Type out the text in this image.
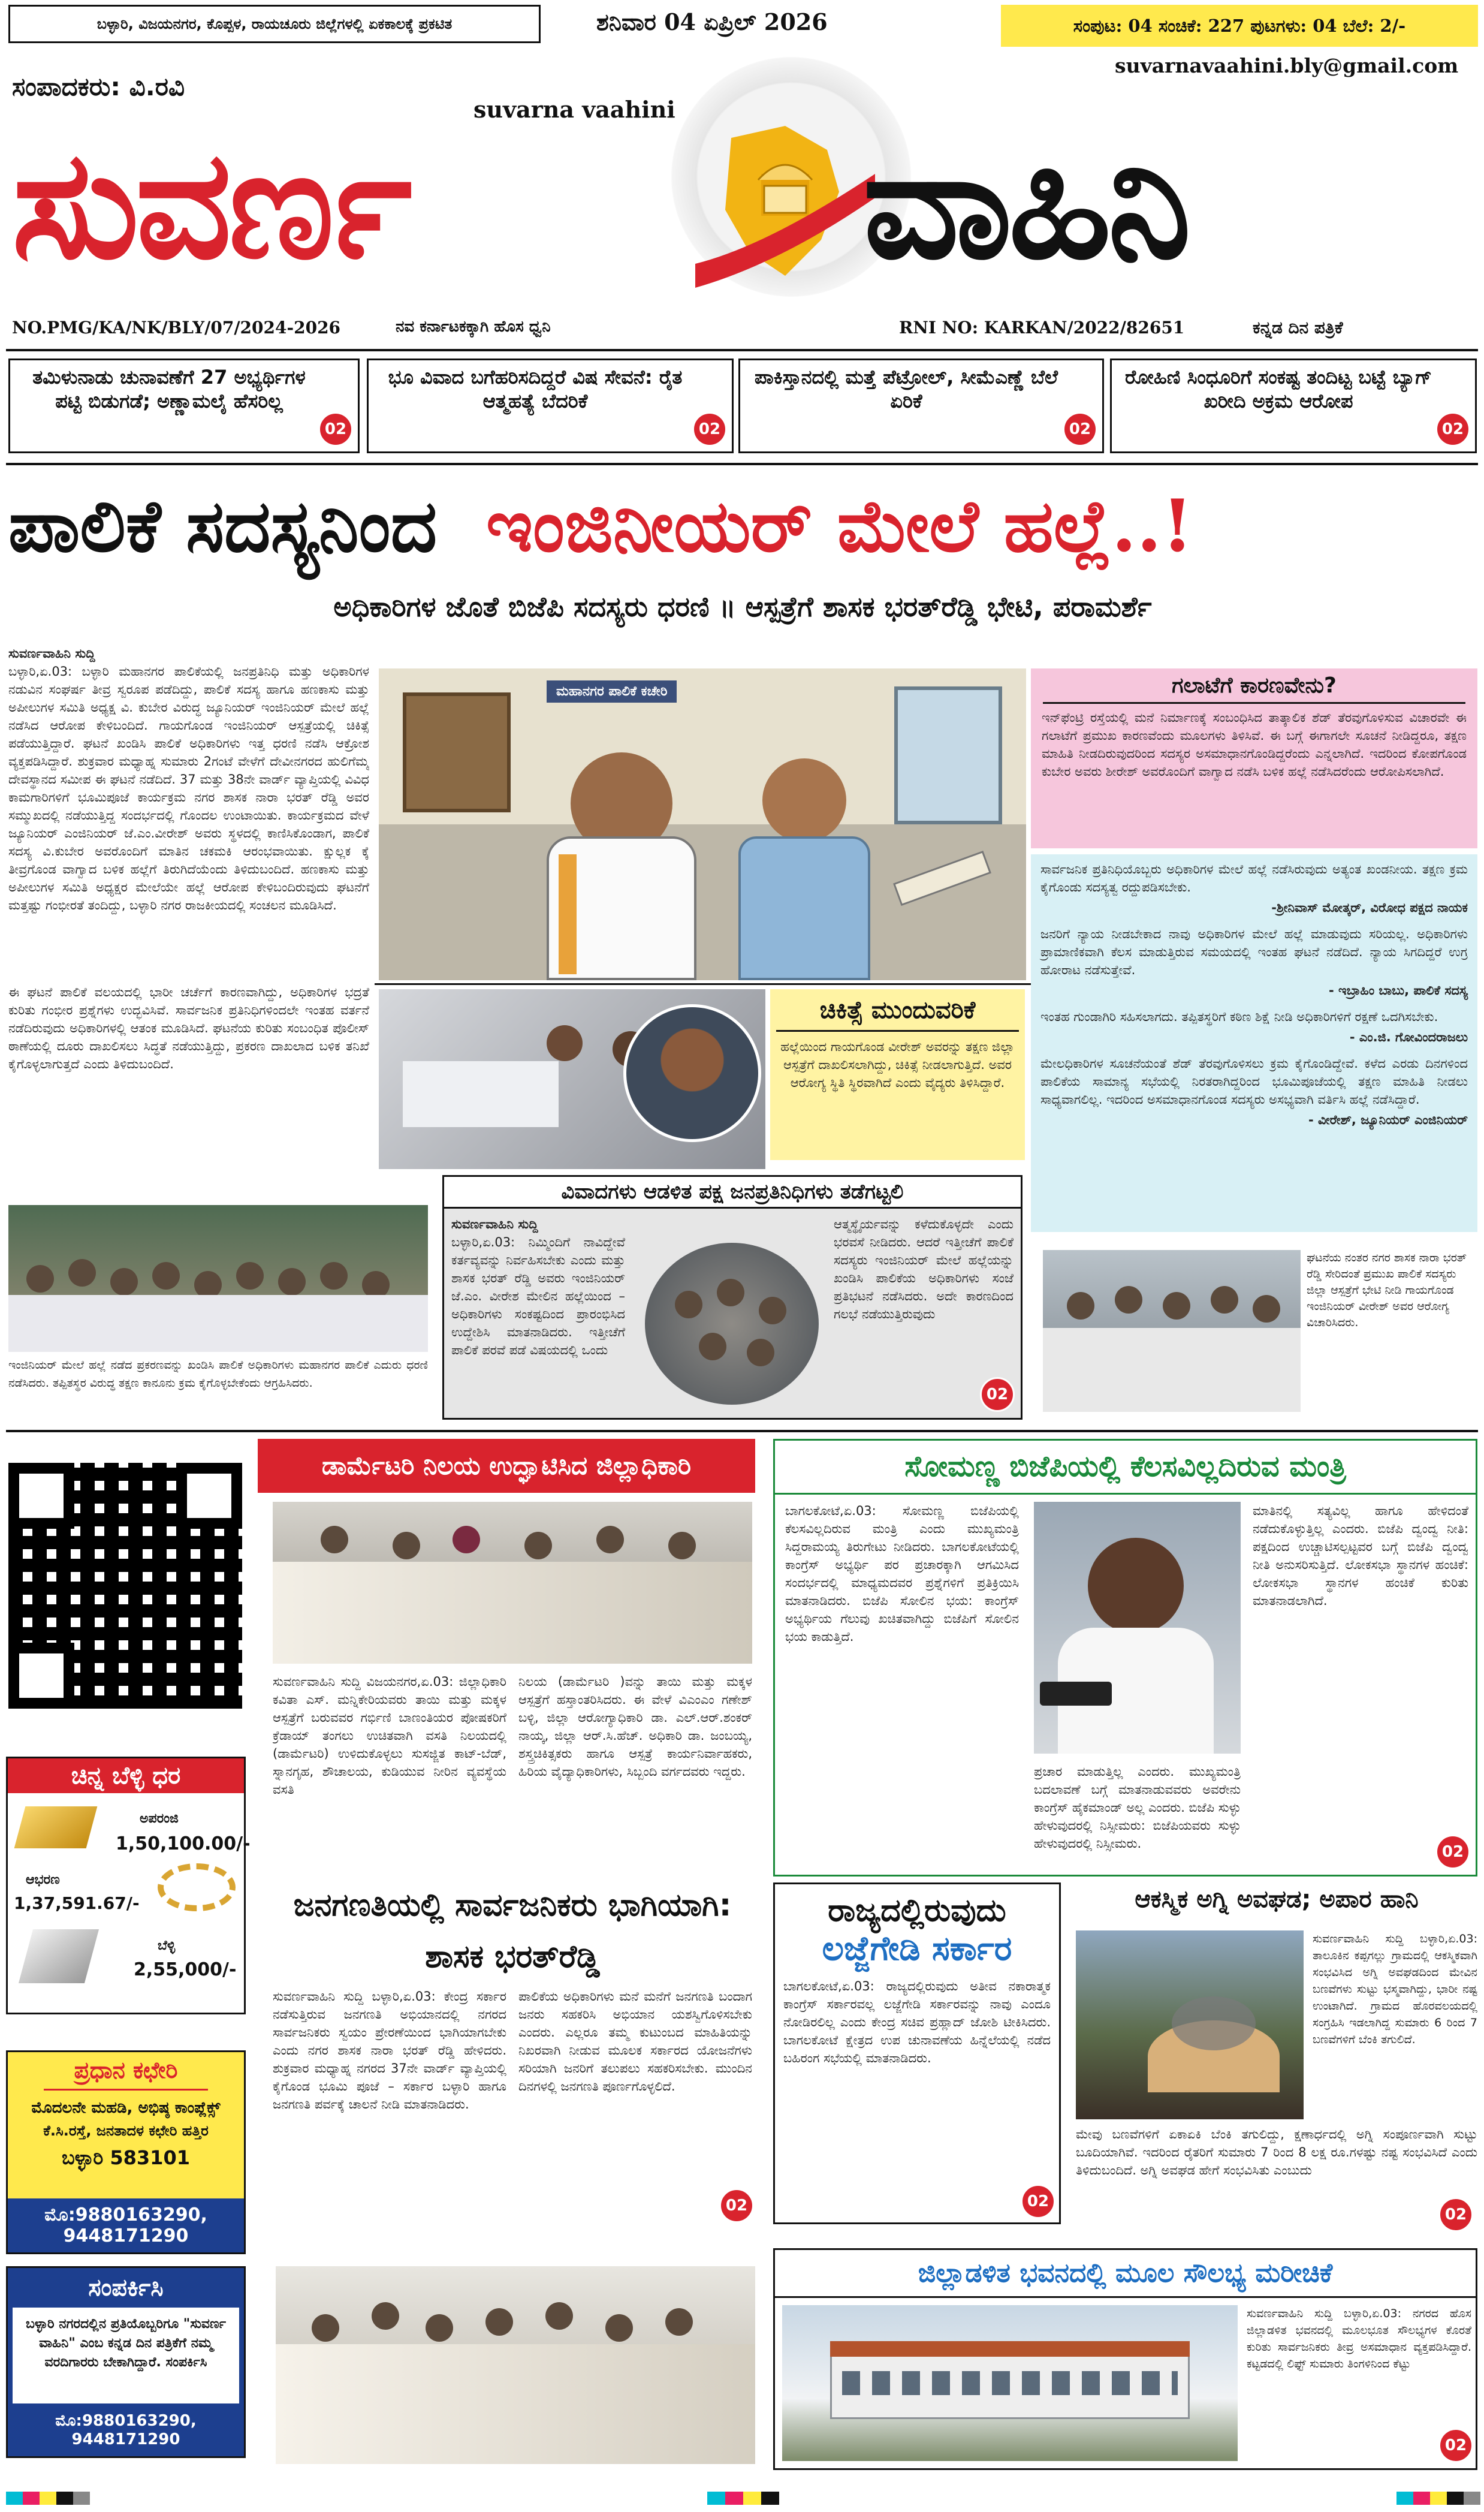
ಬಳ್ಳಾರಿ, ವಿಜಯನಗರ, ಕೊಪ್ಪಳ, ರಾಯಚೂರು ಜಿಲ್ಲೆಗಳಲ್ಲಿ ಏಕಕಾಲಕ್ಕೆ ಪ್ರಕಟಿತ	ಶನಿವಾರ 04 ಏಪ್ರಿಲ್ 2026	ಸಂಪುಟ: 04 ಸಂಚಿಕೆ: 227 ಪುಟಗಳು: 04 ಬೆಲೆ: 2/-
suvarnavaahini.bly@gmail.com
ಸಂಪಾದಕರು: ವಿ.ರವಿ
suvarna vaahini
ಸುವರ್ಣ	ವಾಹಿನಿ
NO.PMG/KA/NK/BLY/07/2024-2026	ನವ ಕರ್ನಾಟಕಕ್ಕಾಗಿ ಹೊಸ ಧ್ವನಿ	RNI NO: KARKAN/2022/82651	ಕನ್ನಡ ದಿನ ಪತ್ರಿಕೆ
ತಮಿಳುನಾಡು ಚುನಾವಣೆಗೆ 27 ಅಭ್ಯರ್ಥಿಗಳ ಪಟ್ಟಿ ಬಿಡುಗಡೆ; ಅಣ್ಣಾಮಲೈ ಹೆಸರಿಲ್ಲ
02
ಭೂ ವಿವಾದ ಬಗೆಹರಿಸದಿದ್ದರೆ ವಿಷ ಸೇವನೆ: ರೈತ ಆತ್ಮಹತ್ಯೆ ಬೆದರಿಕೆ
02
ಪಾಕಿಸ್ತಾನದಲ್ಲಿ ಮತ್ತೆ ಪೆಟ್ರೋಲ್, ಸೀಮೆಎಣ್ಣೆ ಬೆಲೆ ಏರಿಕೆ
02
ರೋಹಿಣಿ ಸಿಂಧೂರಿಗೆ ಸಂಕಷ್ಟ ತಂದಿಟ್ಟ ಬಟ್ಟೆ ಬ್ಯಾಗ್ ಖರೀದಿ ಅಕ್ರಮ ಆರೋಪ
02
ಪಾಲಿಕೆ ಸದಸ್ಯನಿಂದ ಇಂಜಿನೀಯರ್ ಮೇಲೆ ಹಲ್ಲೆ..!
ಅಧಿಕಾರಿಗಳ ಜೊತೆ ಬಿಜೆಪಿ ಸದಸ್ಯರು ಧರಣಿ ॥ ಆಸ್ಪತ್ರೆಗೆ ಶಾಸಕ ಭರತ್‌ರೆಡ್ಡಿ ಭೇಟಿ, ಪರಾಮರ್ಶೆ
ಸುವರ್ಣವಾಹಿನಿ ಸುದ್ದಿ
ಬಳ್ಳಾರಿ,ಏ.03: ಬಳ್ಳಾರಿ ಮಹಾನಗರ ಪಾಲಿಕೆಯಲ್ಲಿ ಜನಪ್ರತಿನಿಧಿ ಮತ್ತು ಅಧಿಕಾರಿಗಳ ನಡುವಿನ ಸಂಘರ್ಷ ತೀವ್ರ ಸ್ವರೂಪ ಪಡೆದಿದ್ದು, ಪಾಲಿಕೆ ಸದಸ್ಯ ಹಾಗೂ ಹಣಕಾಸು ಮತ್ತು ಅಪೀಲುಗಳ ಸಮಿತಿ ಅಧ್ಯಕ್ಷ ವಿ. ಕುಬೇರ ವಿರುದ್ಧ ಜ್ಯೂನಿಯರ್ ಇಂಜಿನಿಯರ್ ಮೇಲೆ ಹಲ್ಲೆ ನಡೆಸಿದ ಆರೋಪ ಕೇಳಿಬಂದಿದೆ. ಗಾಯಗೊಂಡ ಇಂಜಿನಿಯರ್ ಆಸ್ಪತ್ರೆಯಲ್ಲಿ ಚಿಕಿತ್ಸೆ ಪಡೆಯುತ್ತಿದ್ದಾರೆ. ಘಟನೆ ಖಂಡಿಸಿ ಪಾಲಿಕೆ ಅಧಿಕಾರಿಗಳು ಇತ್ತ ಧರಣಿ ನಡೆಸಿ ಆಕ್ರೋಶ ವ್ಯಕ್ತಪಡಿಸಿದ್ದಾರೆ. ಶುಕ್ರವಾರ ಮಧ್ಯಾಹ್ನ ಸುಮಾರು 2ಗಂಟೆ ವೇಳೆಗೆ ದೇವೀನಗರದ ಹುಲಿಗೆಮ್ಮ ದೇವಸ್ಥಾನದ ಸಮೀಪ ಈ ಘಟನೆ ನಡೆದಿದೆ. 37 ಮತ್ತು 38ನೇ ವಾರ್ಡ್ ವ್ಯಾಪ್ತಿಯಲ್ಲಿ ವಿವಿಧ ಕಾಮಗಾರಿಗಳಿಗೆ ಭೂಮಿಪೂಜೆ ಕಾರ್ಯಕ್ರಮ ನಗರ ಶಾಸಕ ನಾರಾ ಭರತ್ ರೆಡ್ಡಿ ಅವರ ಸಮ್ಮುಖದಲ್ಲಿ ನಡೆಯುತ್ತಿದ್ದ ಸಂದರ್ಭದಲ್ಲಿ ಗೊಂದಲ ಉಂಟಾಯಿತು. ಕಾರ್ಯಕ್ರಮದ ವೇಳೆ ಜ್ಯೂನಿಯರ್ ಎಂಜಿನಿಯರ್ ಜೆ.ಎಂ.ವೀರೇಶ್ ಅವರು ಸ್ಥಳದಲ್ಲಿ ಕಾಣಿಸಿಕೊಂಡಾಗ, ಪಾಲಿಕೆ ಸದಸ್ಯ ವಿ.ಕುಬೇರ ಅವರೊಂದಿಗೆ ಮಾತಿನ ಚಕಮಕಿ ಆರಂಭವಾಯಿತು. ಕ್ಷುಲ್ಲಕ ಕ್ಕೆ ತೀವ್ರಗೊಂಡ ವಾಗ್ವಾದ ಬಳಿಕ ಹಲ್ಲೆಗೆ ತಿರುಗಿದೆಯೆಂದು ತಿಳಿದುಬಂದಿದೆ. ಹಣಕಾಸು ಮತ್ತು ಅಪೀಲುಗಳ ಸಮಿತಿ ಅಧ್ಯಕ್ಷರ ಮೇಲೆಯೇ ಹಲ್ಲೆ ಆರೋಪ ಕೇಳಿಬಂದಿರುವುದು ಘಟನೆಗೆ ಮತ್ತಷ್ಟು ಗಂಭೀರತೆ ತಂದಿದ್ದು, ಬಳ್ಳಾರಿ ನಗರ ರಾಜಕೀಯದಲ್ಲಿ ಸಂಚಲನ ಮೂಡಿಸಿದೆ.
ಮಹಾನಗರ ಪಾಲಿಕೆ ಕಚೇರಿ
ಚಿಕಿತ್ಸೆ ಮುಂದುವರಿಕೆ
ಹಲ್ಲೆಯಿಂದ ಗಾಯಗೊಂಡ ವೀರೇಶ್ ಅವರನ್ನು ತಕ್ಷಣ ಜಿಲ್ಲಾ ಆಸ್ಪತ್ರೆಗೆ ದಾಖಲಿಸಲಾಗಿದ್ದು, ಚಿಕಿತ್ಸೆ ನೀಡಲಾಗುತ್ತಿದೆ. ಅವರ ಆರೋಗ್ಯ ಸ್ಥಿತಿ ಸ್ಥಿರವಾಗಿದೆ ಎಂದು ವೈದ್ಯರು ತಿಳಿಸಿದ್ದಾರೆ.
ಈ ಘಟನೆ ಪಾಲಿಕೆ ವಲಯದಲ್ಲಿ ಭಾರೀ ಚರ್ಚೆಗೆ ಕಾರಣವಾಗಿದ್ದು, ಅಧಿಕಾರಿಗಳ ಭದ್ರತೆ ಕುರಿತು ಗಂಭೀರ ಪ್ರಶ್ನೆಗಳು ಉದ್ಭವಿಸಿವೆ. ಸಾರ್ವಜನಿಕ ಪ್ರತಿನಿಧಿಗಳಿಂದಲೇ ಇಂತಹ ವರ್ತನೆ ನಡೆದಿರುವುದು ಅಧಿಕಾರಿಗಳಲ್ಲಿ ಆತಂಕ ಮೂಡಿಸಿದೆ. ಘಟನೆಯ ಕುರಿತು ಸಂಬಂಧಿತ ಪೊಲೀಸ್ ಠಾಣೆಯಲ್ಲಿ ದೂರು ದಾಖಲಿಸಲು ಸಿದ್ಧತೆ ನಡೆಯುತ್ತಿದ್ದು, ಪ್ರಕರಣ ದಾಖಲಾದ ಬಳಿಕ ತನಿಖೆ ಕೈಗೊಳ್ಳಲಾಗುತ್ತದೆ ಎಂದು ತಿಳಿದುಬಂದಿದೆ.
ಇಂಜಿನಿಯರ್ ಮೇಲೆ ಹಲ್ಲೆ ನಡೆದ ಪ್ರಕರಣವನ್ನು ಖಂಡಿಸಿ ಪಾಲಿಕೆ ಅಧಿಕಾರಿಗಳು ಮಹಾನಗರ ಪಾಲಿಕೆ ಎದುರು ಧರಣಿ ನಡೆಸಿದರು. ತಪ್ಪಿತಸ್ಥರ ವಿರುದ್ಧ ತಕ್ಷಣ ಕಾನೂನು ಕ್ರಮ ಕೈಗೊಳ್ಳಬೇಕೆಂದು ಆಗ್ರಹಿಸಿದರು.
ವಿವಾದಗಳು ಆಡಳಿತ ಪಕ್ಷ ಜನಪ್ರತಿನಿಧಿಗಳು ತಡೆಗಟ್ಟಲಿ
ಸುವರ್ಣವಾಹಿನಿ ಸುದ್ದಿ
ಬಳ್ಳಾರಿ,ಏ.03: ನಿಮ್ಮಿಂದಿಗೆ ನಾವಿದ್ದೇವೆ ಕರ್ತವ್ಯವನ್ನು ನಿರ್ವಹಿಸಬೇಕು ಎಂದು ಮತ್ತು ಶಾಸಕ ಭರತ್ ರೆಡ್ಡಿ ಅವರು ಇಂಜಿನಿಯರ್ ಜೆ.ಎಂ. ವೀರೇಶ ಮೇಲಿನ ಹಲ್ಲೆಯಿಂದ – ಅಧಿಕಾರಿಗಳು ಸಂಕಷ್ಟದಿಂದ ಪ್ರಾರಂಭಿಸಿದ ಉದ್ದೇಶಿಸಿ ಮಾತನಾಡಿದರು. ಇತ್ತೀಚೆಗೆ ಪಾಲಿಕೆ ಪರವೆ ಪಡೆ ವಿಷಯದಲ್ಲಿ ಒಂದು
ಆತ್ಮಸ್ಥೈರ್ಯವನ್ನು ಕಳೆದುಕೊಳ್ಳದೇ ಎಂದು ಭರವಸೆ ನೀಡಿದರು. ಆದರೆ ಇತ್ತೀಚೆಗೆ ಪಾಲಿಕೆ ಸದಸ್ಯರು ಇಂಜಿನಿಯರ್ ಮೇಲೆ ಹಲ್ಲೆಯನ್ನು ಖಂಡಿಸಿ ಪಾಲಿಕೆಯ ಅಧಿಕಾರಿಗಳು ಸಂಜೆ ಪ್ರತಿಭಟನೆ ನಡೆಸಿದರು. ಅದೇ ಕಾರಣದಿಂದ ಗಲಭೆ ನಡೆಯುತ್ತಿರುವುದು
02
ಗಲಾಟೆಗೆ ಕಾರಣವೇನು?
ಇನ್‌ಫೆಂಟ್ರಿ ರಸ್ತೆಯಲ್ಲಿ ಮನೆ ನಿರ್ಮಾಣಕ್ಕೆ ಸಂಬಂಧಿಸಿದ ತಾತ್ಕಾಲಿಕ ಶೆಡ್ ತೆರವುಗೊಳಿಸುವ ವಿಚಾರವೇ ಈ ಗಲಾಟೆಗೆ ಪ್ರಮುಖ ಕಾರಣವೆಂದು ಮೂಲಗಳು ತಿಳಿಸಿವೆ. ಈ ಬಗ್ಗೆ ಈಗಾಗಲೇ ಸೂಚನೆ ನೀಡಿದ್ದರೂ, ತಕ್ಷಣ ಮಾಹಿತಿ ನೀಡದಿರುವುದರಿಂದ ಸದಸ್ಯರ ಅಸಮಾಧಾನಗೊಂಡಿದ್ದರೆಂದು ಎನ್ನಲಾಗಿದೆ. ಇದರಿಂದ ಕೋಪಗೊಂಡ ಕುಬೇರ ಅವರು ಶೀರೇಶ್ ಅವರೊಂದಿಗೆ ವಾಗ್ವಾದ ನಡೆಸಿ ಬಳಿಕ ಹಲ್ಲೆ ನಡೆಸಿದರೆಂದು ಆರೋಪಿಸಲಾಗಿದೆ.
ಸಾರ್ವಜನಿಕ ಪ್ರತಿನಿಧಿಯೊಬ್ಬರು ಅಧಿಕಾರಿಗಳ ಮೇಲೆ ಹಲ್ಲೆ ನಡೆಸಿರುವುದು ಅತ್ಯಂತ ಖಂಡನೀಯ. ತಕ್ಷಣ ಕ್ರಮ ಕೈಗೊಂಡು ಸದಸ್ಯತ್ವ ರದ್ದುಪಡಿಸಬೇಕು.
-ಶ್ರೀನಿವಾಸ್ ಮೋತ್ಕರ್, ವಿರೋಧ ಪಕ್ಷದ ನಾಯಕ
ಜನರಿಗೆ ನ್ಯಾಯ ನೀಡಬೇಕಾದ ನಾವು ಅಧಿಕಾರಿಗಳ ಮೇಲೆ ಹಲ್ಲೆ ಮಾಡುವುದು ಸರಿಯಲ್ಲ. ಅಧಿಕಾರಿಗಳು ಪ್ರಾಮಾಣಿಕವಾಗಿ ಕೆಲಸ ಮಾಡುತ್ತಿರುವ ಸಮಯದಲ್ಲಿ ಇಂತಹ ಘಟನೆ ನಡೆದಿದೆ. ನ್ಯಾಯ ಸಿಗದಿದ್ದರೆ ಉಗ್ರ ಹೋರಾಟ ನಡೆಸುತ್ತೇವೆ.
- ಇಬ್ರಾಹಿಂ ಬಾಬು, ಪಾಲಿಕೆ ಸದಸ್ಯ
ಇಂತಹ ಗುಂಡಾಗಿರಿ ಸಹಿಸಲಾಗದು. ತಪ್ಪಿತಸ್ಥರಿಗೆ ಕಠಿಣ ಶಿಕ್ಷೆ ನೀಡಿ ಅಧಿಕಾರಿಗಳಿಗೆ ರಕ್ಷಣೆ ಒದಗಿಸಬೇಕು.
- ಎಂ.ಜಿ. ಗೋವಿಂದರಾಜಲು
ಮೇಲಧಿಕಾರಿಗಳ ಸೂಚನೆಯಂತೆ ಶೆಡ್ ತೆರವುಗೊಳಿಸಲು ಕ್ರಮ ಕೈಗೊಂಡಿದ್ದೇವೆ. ಕಳೆದ ಎರಡು ದಿನಗಳಿಂದ ಪಾಲಿಕೆಯ ಸಾಮಾನ್ಯ ಸಭೆಯಲ್ಲಿ ನಿರತರಾಗಿದ್ದರಿಂದ ಭೂಮಿಪೂಜೆಯಲ್ಲಿ ತಕ್ಷಣ ಮಾಹಿತಿ ನೀಡಲು ಸಾಧ್ಯವಾಗಲಿಲ್ಲ. ಇದರಿಂದ ಅಸಮಾಧಾನಗೊಂಡ ಸದಸ್ಯರು ಅಸಭ್ಯವಾಗಿ ವರ್ತಿಸಿ ಹಲ್ಲೆ ನಡೆಸಿದ್ದಾರೆ.
- ವೀರೇಶ್, ಜ್ಯೂನಿಯರ್ ಎಂಜಿನಿಯರ್
ಘಟನೆಯ ನಂತರ ನಗರ ಶಾಸಕ ನಾರಾ ಭರತ್ ರೆಡ್ಡಿ ಸೇರಿದಂತೆ ಪ್ರಮುಖ ಪಾಲಿಕೆ ಸದಸ್ಯರು ಜಿಲ್ಲಾ ಆಸ್ಪತ್ರೆಗೆ ಭೇಟಿ ನೀಡಿ ಗಾಯಗೊಂಡ ಇಂಜಿನಿಯರ್ ವೀರೇಶ್ ಅವರ ಆರೋಗ್ಯ ವಿಚಾರಿಸಿದರು.
ಚಿನ್ನ ಬೆಳ್ಳಿ ಧರ
ಅಪರಂಜಿ
1,50,100.00/-
ಆಭರಣ
1,37,591.67/-
ಬೆಳ್ಳಿ
2,55,000/-
ಪ್ರಧಾನ ಕಛೇರಿ
ಮೊದಲನೇ ಮಹಡಿ, ಅಭಿಷ್ಠ ಕಾಂಪ್ಲೆಕ್ಸ್
ಕೆ.ಸಿ.ರಸ್ತೆ, ಜನತಾದಳ ಕಛೇರಿ ಹತ್ತಿರ
ಬಳ್ಳಾರಿ 583101
ಮೊ:9880163290, 9448171290
ಸಂಪರ್ಕಿಸಿ
ಬಳ್ಳಾರಿ ನಗರದಲ್ಲಿನ ಪ್ರತಿಯೊಬ್ಬರಿಗೂ "ಸುವರ್ಣ ವಾಹಿನಿ" ಎಂಬ ಕನ್ನಡ ದಿನ ಪತ್ರಿಕೆಗೆ ನಮ್ಮ ವರದಿಗಾರರು ಬೇಕಾಗಿದ್ದಾರೆ. ಸಂಪರ್ಕಿಸಿ
ಮೊ:9880163290, 9448171290
ಡಾರ್ಮೆಟರಿ ನಿಲಯ ಉದ್ಘಾಟಿಸಿದ ಜಿಲ್ಲಾಧಿಕಾರಿ
ಸುವರ್ಣವಾಹಿನಿ ಸುದ್ದಿ ವಿಜಯನಗರ,ಏ.03: ಜಿಲ್ಲಾಧಿಕಾರಿ ಕವಿತಾ ಎಸ್. ಮನ್ನಿಕೇರಿಯವರು ತಾಯಿ ಮತ್ತು ಮಕ್ಕಳ ಆಸ್ಪತ್ರೆಗೆ ಬರುವವರ ಗರ್ಭಿಣಿ ಬಾಣಂತಿಯರ ಪೋಷಕರಿಗೆ ಕ್ರೆಡಾಯ್ ತಂಗಲು ಉಚಿತವಾಗಿ ವಸತಿ ನಿಲಯದಲ್ಲಿ (ಡಾರ್ಮೆಟರಿ) ಉಳಿದುಕೊಳ್ಳಲು ಸುಸಜ್ಜಿತ ಕಾಟ್-ಬೆಡ್, ಸ್ನಾನಗೃಹ, ಶೌಚಾಲಯ, ಕುಡಿಯುವ ನೀರಿನ ವ್ಯವಸ್ಥೆಯ ವಸತಿ
ನಿಲಯ (ಡಾರ್ಮೆಟರಿ )ವನ್ನು ತಾಯಿ ಮತ್ತು ಮಕ್ಕಳ ಆಸ್ಪತ್ರೆಗೆ ಹಸ್ತಾಂತರಿಸಿದರು. ಈ ವೇಳೆ ವಿಎಂಎಂ ಗಣೇಶ್ ಬಳ್ಳಿ, ಜಿಲ್ಲಾ ಆರೋಗ್ಯಾಧಿಕಾರಿ ಡಾ. ಎಲ್.ಆರ್.ಶಂಕರ್ ನಾಯ್ಕ, ಜಿಲ್ಲಾ ಆರ್.ಸಿ.ಹೆಚ್. ಅಧಿಕಾರಿ ಡಾ. ಜಂಬಯ್ಯ, ಶಸ್ತ್ರಚಿಕಿತ್ಸಕರು ಹಾಗೂ ಆಸ್ಪತ್ರೆ ಕಾರ್ಯನಿರ್ವಾಹಕರು, ಹಿರಿಯ ವೈದ್ಯಾಧಿಕಾರಿಗಳು, ಸಿಬ್ಬಂದಿ ವರ್ಗದವರು ಇದ್ದರು.
ಸೋಮಣ್ಣ ಬಿಜೆಪಿಯಲ್ಲಿ ಕೆಲಸವಿಲ್ಲದಿರುವ ಮಂತ್ರಿ
ಬಾಗಲಕೋಟೆ,ಏ.03: ಸೋಮಣ್ಣ ಬಿಜೆಪಿಯಲ್ಲಿ ಕೆಲಸವಿಲ್ಲದಿರುವ ಮಂತ್ರಿ ಎಂದು ಮುಖ್ಯಮಂತ್ರಿ ಸಿದ್ದರಾಮಯ್ಯ ತಿರುಗೇಟು ನೀಡಿದರು. ಬಾಗಲಕೋಟೆಯಲ್ಲಿ ಕಾಂಗ್ರೆಸ್ ಅಭ್ಯರ್ಥಿ ಪರ ಪ್ರಚಾರಕ್ಕಾಗಿ ಆಗಮಿಸಿದ ಸಂದರ್ಭದಲ್ಲಿ ಮಾಧ್ಯಮದವರ ಪ್ರಶ್ನೆಗಳಿಗೆ ಪ್ರತಿಕ್ರಿಯಿಸಿ ಮಾತನಾಡಿದರು. ಬಿಜೆಪಿ ಸೋಲಿನ ಭಯ: ಕಾಂಗ್ರೆಸ್ ಅಭ್ಯರ್ಥಿಯ ಗೆಲುವು ಖಚಿತವಾಗಿದ್ದು ಬಿಜೆಪಿಗೆ ಸೋಲಿನ ಭಯ ಕಾಡುತ್ತಿದೆ.
ಪ್ರಚಾರ ಮಾಡುತ್ತಿಲ್ಲ ಎಂದರು. ಮುಖ್ಯಮಂತ್ರಿ ಬದಲಾವಣೆ ಬಗ್ಗೆ ಮಾತನಾಡುವವರು ಅವರೇನು ಕಾಂಗ್ರೆಸ್ ಹೈಕಮಾಂಡ್ ಅಲ್ಲ ಎಂದರು. ಬಿಜೆಪಿ ಸುಳ್ಳು ಹೇಳುವುದರಲ್ಲಿ ನಿಸ್ಸೀಮರು: ಬಿಜೆಪಿಯವರು ಸುಳ್ಳು ಹೇಳುವುದರಲ್ಲಿ ನಿಸ್ಸೀಮರು.
ಮಾತಿನಲ್ಲಿ ಸತ್ಯವಿಲ್ಲ ಹಾಗೂ ಹೇಳಿದಂತೆ ನಡೆದುಕೊಳ್ಳುತ್ತಿಲ್ಲ ಎಂದರು. ಬಿಜೆಪಿ ದ್ವಂದ್ವ ನೀತಿ: ಪಕ್ಷದಿಂದ ಉಚ್ಚಾಟಿಸಲ್ಪಟ್ಟವರ ಬಗ್ಗೆ ಬಿಜೆಪಿ ದ್ವಂದ್ವ ನೀತಿ ಅನುಸರಿಸುತ್ತಿದೆ. ಲೋಕಸಭಾ ಸ್ಥಾನಗಳ ಹಂಚಿಕೆ: ಲೋಕಸಭಾ ಸ್ಥಾನಗಳ ಹಂಚಿಕೆ ಕುರಿತು ಮಾತನಾಡಲಾಗಿದೆ.
02
ಜನಗಣತಿಯಲ್ಲಿ ಸಾರ್ವಜನಿಕರು ಭಾಗಿಯಾಗಿ: ಶಾಸಕ ಭರತ್‌ರೆಡ್ಡಿ
ಸುವರ್ಣವಾಹಿನಿ ಸುದ್ದಿ ಬಳ್ಳಾರಿ,ಏ.03: ಕೇಂದ್ರ ಸರ್ಕಾರ ನಡೆಸುತ್ತಿರುವ ಜನಗಣತಿ ಅಭಿಯಾನದಲ್ಲಿ ನಗರದ ಸಾರ್ವಜನಿಕರು ಸ್ವಯಂ ಪ್ರೇರಣೆಯಿಂದ ಭಾಗಿಯಾಗಬೇಕು ಎಂದು ನಗರ ಶಾಸಕ ನಾರಾ ಭರತ್ ರೆಡ್ಡಿ ಹೇಳಿದರು. ಶುಕ್ರವಾರ ಮಧ್ಯಾಹ್ನ ನಗರದ 37ನೇ ವಾರ್ಡ್ ವ್ಯಾಪ್ತಿಯಲ್ಲಿ ಕೈಗೊಂಡ ಭೂಮಿ ಪೂಜೆ – ಸರ್ಕಾರ ಬಳ್ಳಾರಿ ಹಾಗೂ ಜನಗಣತಿ ಪರ್ವಕ್ಕೆ ಚಾಲನೆ ನೀಡಿ ಮಾತನಾಡಿದರು.
ಪಾಲಿಕೆಯ ಅಧಿಕಾರಿಗಳು ಮನೆ ಮನೆಗೆ ಜನಗಣತಿ ಬಂದಾಗ ಜನರು ಸಹಕರಿಸಿ ಅಭಿಯಾನ ಯಶಸ್ವಿಗೊಳಿಸಬೇಕು ಎಂದರು. ಎಲ್ಲರೂ ತಮ್ಮ ಕುಟುಂಬದ ಮಾಹಿತಿಯನ್ನು ನಿಖರವಾಗಿ ನೀಡುವ ಮೂಲಕ ಸರ್ಕಾರದ ಯೋಜನೆಗಳು ಸರಿಯಾಗಿ ಜನರಿಗೆ ತಲುಪಲು ಸಹಕರಿಸಬೇಕು. ಮುಂದಿನ ದಿನಗಳಲ್ಲಿ ಜನಗಣತಿ ಪೂರ್ಣಗೊಳ್ಳಲಿದೆ.
02
ರಾಜ್ಯದಲ್ಲಿರುವುದು
ಲಜ್ಜೆಗೇಡಿ ಸರ್ಕಾರ
ಬಾಗಲಕೋಟೆ,ಏ.03: ರಾಜ್ಯದಲ್ಲಿರುವುದು ಅತೀವ ನಕಾರಾತ್ಮಕ ಕಾಂಗ್ರೆಸ್ ಸರ್ಕಾರವಲ್ಲ ಲಜ್ಜೆಗೇಡಿ ಸರ್ಕಾರವನ್ನು ನಾವು ಎಂದೂ ನೋಡಿರಲಿಲ್ಲ ಎಂದು ಕೇಂದ್ರ ಸಚಿವ ಪ್ರಹ್ಲಾದ್ ಜೋಶಿ ಟೀಕಿಸಿದರು. ಬಾಗಲಕೋಟೆ ಕ್ಷೇತ್ರದ ಉಪ ಚುನಾವಣೆಯ ಹಿನ್ನೆಲೆಯಲ್ಲಿ ನಡೆದ ಬಹಿರಂಗ ಸಭೆಯಲ್ಲಿ ಮಾತನಾಡಿದರು.
02
ಆಕಸ್ಮಿಕ ಅಗ್ನಿ ಅವಘಡ; ಅಪಾರ ಹಾನಿ
ಸುವರ್ಣವಾಹಿನಿ ಸುದ್ದಿ ಬಳ್ಳಾರಿ,ಏ.03: ತಾಲೂಕಿನ ಕಪ್ಪಗಲ್ಲು ಗ್ರಾಮದಲ್ಲಿ ಆಕಸ್ಮಿಕವಾಗಿ ಸಂಭವಿಸಿದ ಅಗ್ನಿ ಅವಘಡದಿಂದ ಮೇವಿನ ಬಣವೆಗಳು ಸುಟ್ಟು ಭಸ್ಮವಾಗಿದ್ದು, ಭಾರೀ ನಷ್ಟ ಉಂಟಾಗಿದೆ. ಗ್ರಾಮದ ಹೊರವಲಯದಲ್ಲಿ ಸಂಗ್ರಹಿಸಿ ಇಡಲಾಗಿದ್ದ ಸುಮಾರು 6 ರಿಂದ 7 ಬಣವೆಗಳಿಗೆ ಬೆಂಕಿ ತಗುಲಿದೆ.
ಮೇವು ಬಣವೆಗಳಿಗೆ ಏಕಾಏಕಿ ಬೆಂಕಿ ತಗುಲಿದ್ದು, ಕ್ಷಣಾರ್ಧದಲ್ಲಿ ಅಗ್ನಿ ಸಂಪೂರ್ಣವಾಗಿ ಸುಟ್ಟು ಬೂದಿಯಾಗಿವೆ. ಇದರಿಂದ ರೈತರಿಗೆ ಸುಮಾರು 7 ರಿಂದ 8 ಲಕ್ಷ ರೂ.ಗಳಷ್ಟು ನಷ್ಟ ಸಂಭವಿಸಿದೆ ಎಂದು ತಿಳಿದುಬಂದಿದೆ. ಅಗ್ನಿ ಅವಘಡ ಹೇಗೆ ಸಂಭವಿಸಿತು ಎಂಬುದು
02
ಜಿಲ್ಲಾಡಳಿತ ಭವನದಲ್ಲಿ ಮೂಲ ಸೌಲಭ್ಯ ಮರೀಚಿಕೆ
ಸುವರ್ಣವಾಹಿನಿ ಸುದ್ದಿ ಬಳ್ಳಾರಿ,ಏ.03: ನಗರದ ಹೊಸ ಜಿಲ್ಲಾಡಳಿತ ಭವನದಲ್ಲಿ ಮೂಲಭೂತ ಸೌಲಭ್ಯಗಳ ಕೊರತೆ ಕುರಿತು ಸಾರ್ವಜನಿಕರು ತೀವ್ರ ಅಸಮಾಧಾನ ವ್ಯಕ್ತಪಡಿಸಿದ್ದಾರೆ. ಕಟ್ಟಡದಲ್ಲಿ ಲಿಫ್ಟ್ ಸುಮಾರು ತಿಂಗಳಿನಿಂದ ಕೆಟ್ಟು
02
